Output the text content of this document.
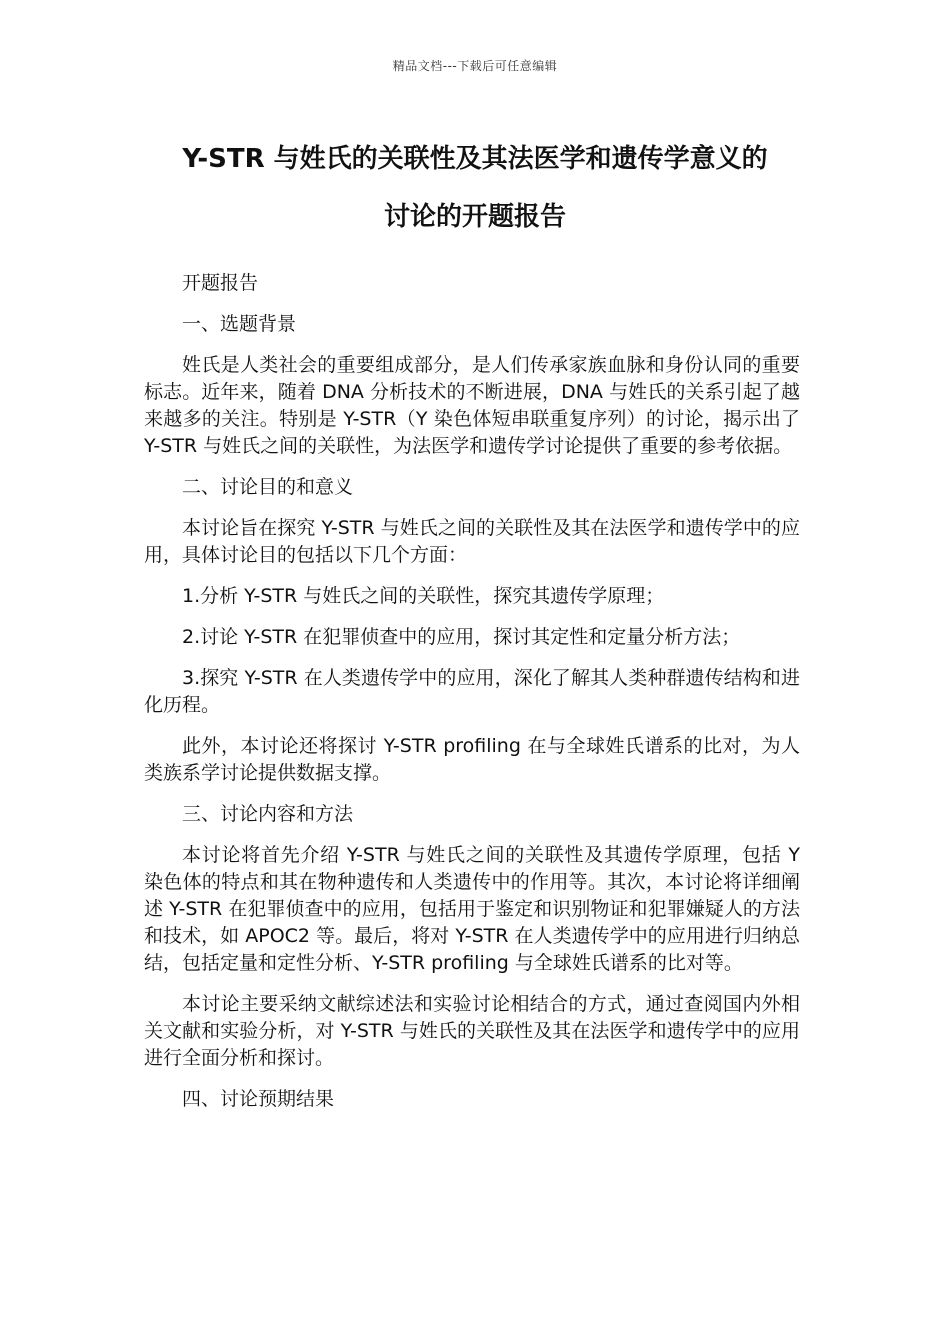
精品文档---下载后可任意编辑
Y-STR 与姓氏的关联性及其法医学和遗传学意义的
讨论的开题报告

开题报告

一、选题背景

姓氏是人类社会的重要组成部分，是人们传承家族血脉和身份认同的重要标志。近年来，随着 DNA 分析技术的不断进展，DNA 与姓氏的关系引起了越来越多的关注。特别是 Y-STR（Y 染色体短串联重复序列）的讨论，揭示出了 Y-STR 与姓氏之间的关联性，为法医学和遗传学讨论提供了重要的参考依据。

二、讨论目的和意义

本讨论旨在探究 Y-STR 与姓氏之间的关联性及其在法医学和遗传学中的应用，具体讨论目的包括以下几个方面：

1.分析 Y-STR 与姓氏之间的关联性，探究其遗传学原理；

2.讨论 Y-STR 在犯罪侦查中的应用，探讨其定性和定量分析方法；

3.探究 Y-STR 在人类遗传学中的应用，深化了解其人类种群遗传结构和进化历程。

此外，本讨论还将探讨 Y-STR profiling 在与全球姓氏谱系的比对，为人类族系学讨论提供数据支撑。

三、讨论内容和方法

本讨论将首先介绍 Y-STR 与姓氏之间的关联性及其遗传学原理，包括 Y 染色体的特点和其在物种遗传和人类遗传中的作用等。其次，本讨论将详细阐述 Y-STR 在犯罪侦查中的应用，包括用于鉴定和识别物证和犯罪嫌疑人的方法和技术，如 APOC2 等。最后，将对 Y-STR 在人类遗传学中的应用进行归纳总结，包括定量和定性分析、Y-STR profiling 与全球姓氏谱系的比对等。

本讨论主要采纳文献综述法和实验讨论相结合的方式，通过查阅国内外相关文献和实验分析，对 Y-STR 与姓氏的关联性及其在法医学和遗传学中的应用进行全面分析和探讨。

四、讨论预期结果
